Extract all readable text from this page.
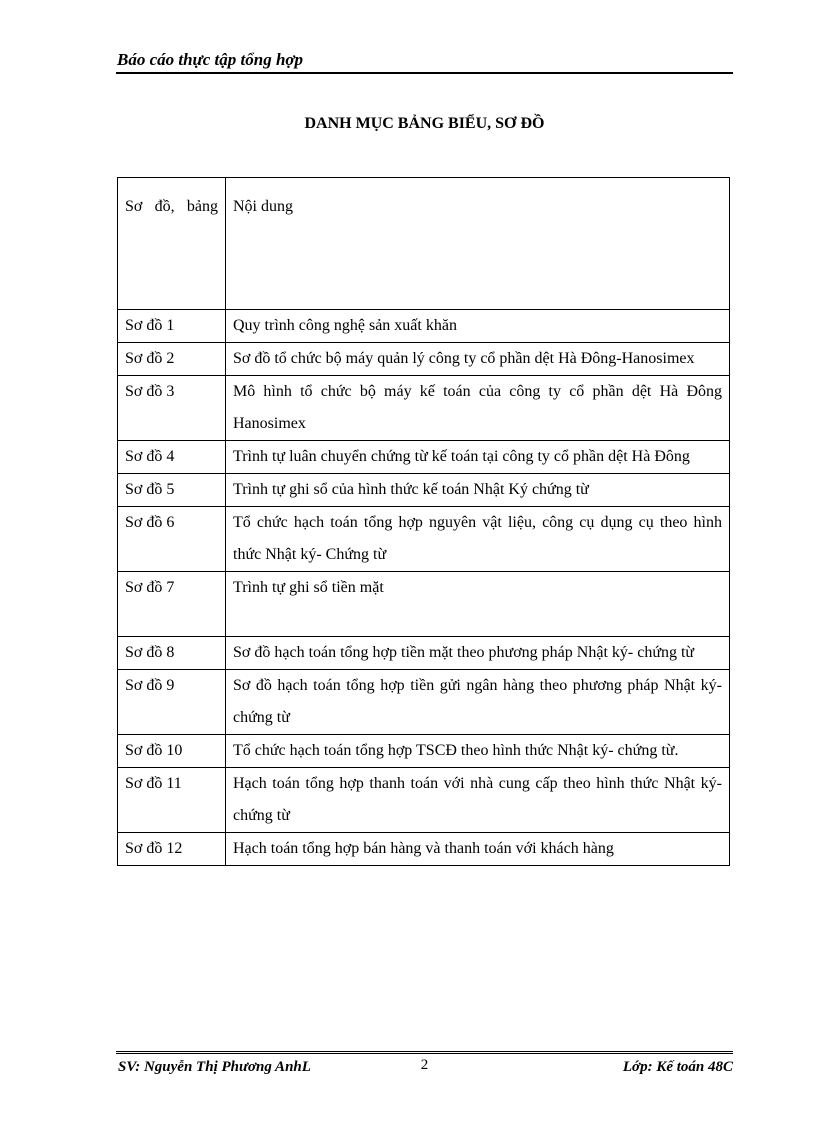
Báo cáo thực tập tổng hợp
DANH MỤC BẢNG BIỂU, SƠ ĐỒ
Sơ đồ, bảng	Nội dung
Sơ đồ 1	Quy trình công nghệ sản xuất khăn
Sơ đồ 2	Sơ đồ tổ chức bộ máy quản lý công ty cổ phần dệt Hà Đông-Hanosimex
Sơ đồ 3	Mô hình tổ chức bộ máy kế toán của công ty cổ phần dệt Hà Đông Hanosimex
Sơ đồ 4	Trình tự luân chuyển chứng từ kế toán tại công ty cổ phần dệt Hà Đông
Sơ đồ 5	Trình tự ghi sổ của hình thức kế toán Nhật Ký chứng từ
Sơ đồ 6	Tổ chức hạch toán tổng hợp nguyên vật liệu, công cụ dụng cụ theo hình thức Nhật ký- Chứng từ
Sơ đồ 7	Trình tự ghi sổ tiền mặt
Sơ đồ 8	Sơ đồ hạch toán tổng hợp tiền mặt theo phương pháp Nhật ký- chứng từ
Sơ đồ 9	Sơ đồ hạch toán tổng hợp tiền gửi ngân hàng theo phương pháp Nhật ký- chứng từ
Sơ đồ 10	Tổ chức hạch toán tổng hợp TSCĐ theo hình thức Nhật ký- chứng từ.
Sơ đồ 11	Hạch toán tổng hợp thanh toán với nhà cung cấp theo hình thức Nhật ký- chứng từ
Sơ đồ 12	Hạch toán tổng hợp bán hàng và thanh toán với khách hàng
SV: Nguyễn Thị Phương AnhL	2	Lớp: Kế toán 48C
